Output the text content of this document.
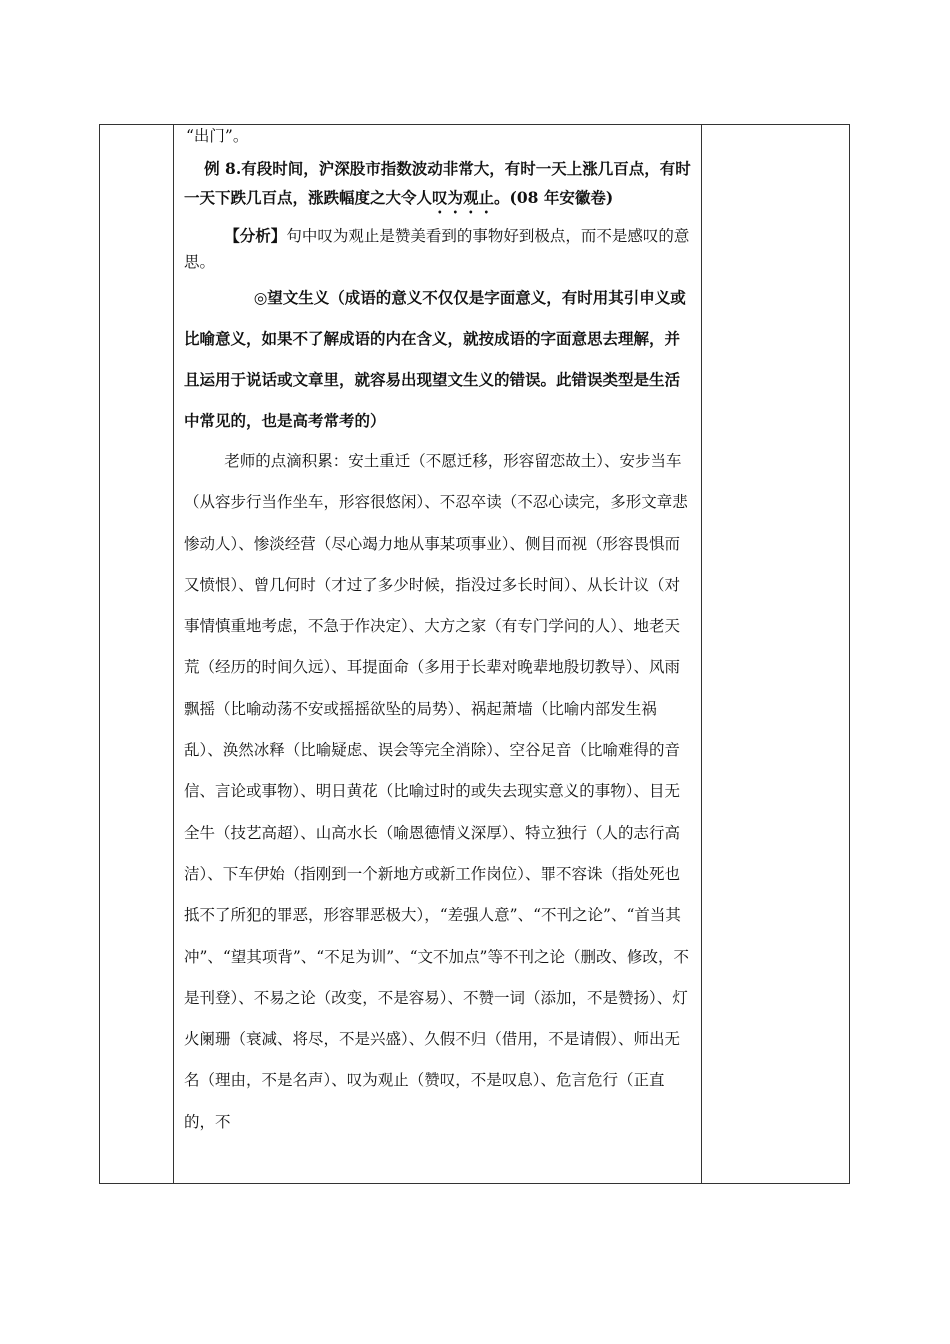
“出门”。

例 8.有段时间，沪深股市指数波动非常大，有时一天上涨几百点，有时一天下跌几百点，涨跌幅度之大令人叹为观止。(08 年安徽卷)

【分析】句中叹为观止是赞美看到的事物好到极点，而不是感叹的意思。

◎望文生义（成语的意义不仅仅是字面意义，有时用其引申义或比喻意义，如果不了解成语的内在含义，就按成语的字面意思去理解，并且运用于说话或文章里，就容易出现望文生义的错误。此错误类型是生活中常见的，也是高考常考的）

老师的点滴积累：安土重迁（不愿迁移，形容留恋故土）、安步当车（从容步行当作坐车，形容很悠闲）、不忍卒读（不忍心读完，多形文章悲惨动人）、惨淡经营（尽心竭力地从事某项事业）、侧目而视（形容畏惧而又愤恨）、曾几何时（才过了多少时候，指没过多长时间）、从长计议（对事情慎重地考虑，不急于作决定）、大方之家（有专门学问的人）、地老天荒（经历的时间久远）、耳提面命（多用于长辈对晚辈地殷切教导）、风雨飘摇（比喻动荡不安或摇摇欲坠的局势）、祸起萧墙（比喻内部发生祸乱）、涣然冰释（比喻疑虑、误会等完全消除）、空谷足音（比喻难得的音信、言论或事物）、明日黄花（比喻过时的或失去现实意义的事物）、目无全牛（技艺高超）、山高水长（喻恩德情义深厚）、特立独行（人的志行高洁）、下车伊始（指刚到一个新地方或新工作岗位）、罪不容诛（指处死也抵不了所犯的罪恶，形容罪恶极大），“差强人意”、“不刊之论”、“首当其冲”、“望其项背”、“不足为训”、“文不加点”等不刊之论（删改、修改，不是刊登）、不易之论（改变，不是容易）、不赞一词（添加，不是赞扬）、灯火阑珊（衰减、将尽，不是兴盛）、久假不归（借用，不是请假）、师出无名（理由，不是名声）、叹为观止（赞叹，不是叹息）、危言危行（正直的，不
